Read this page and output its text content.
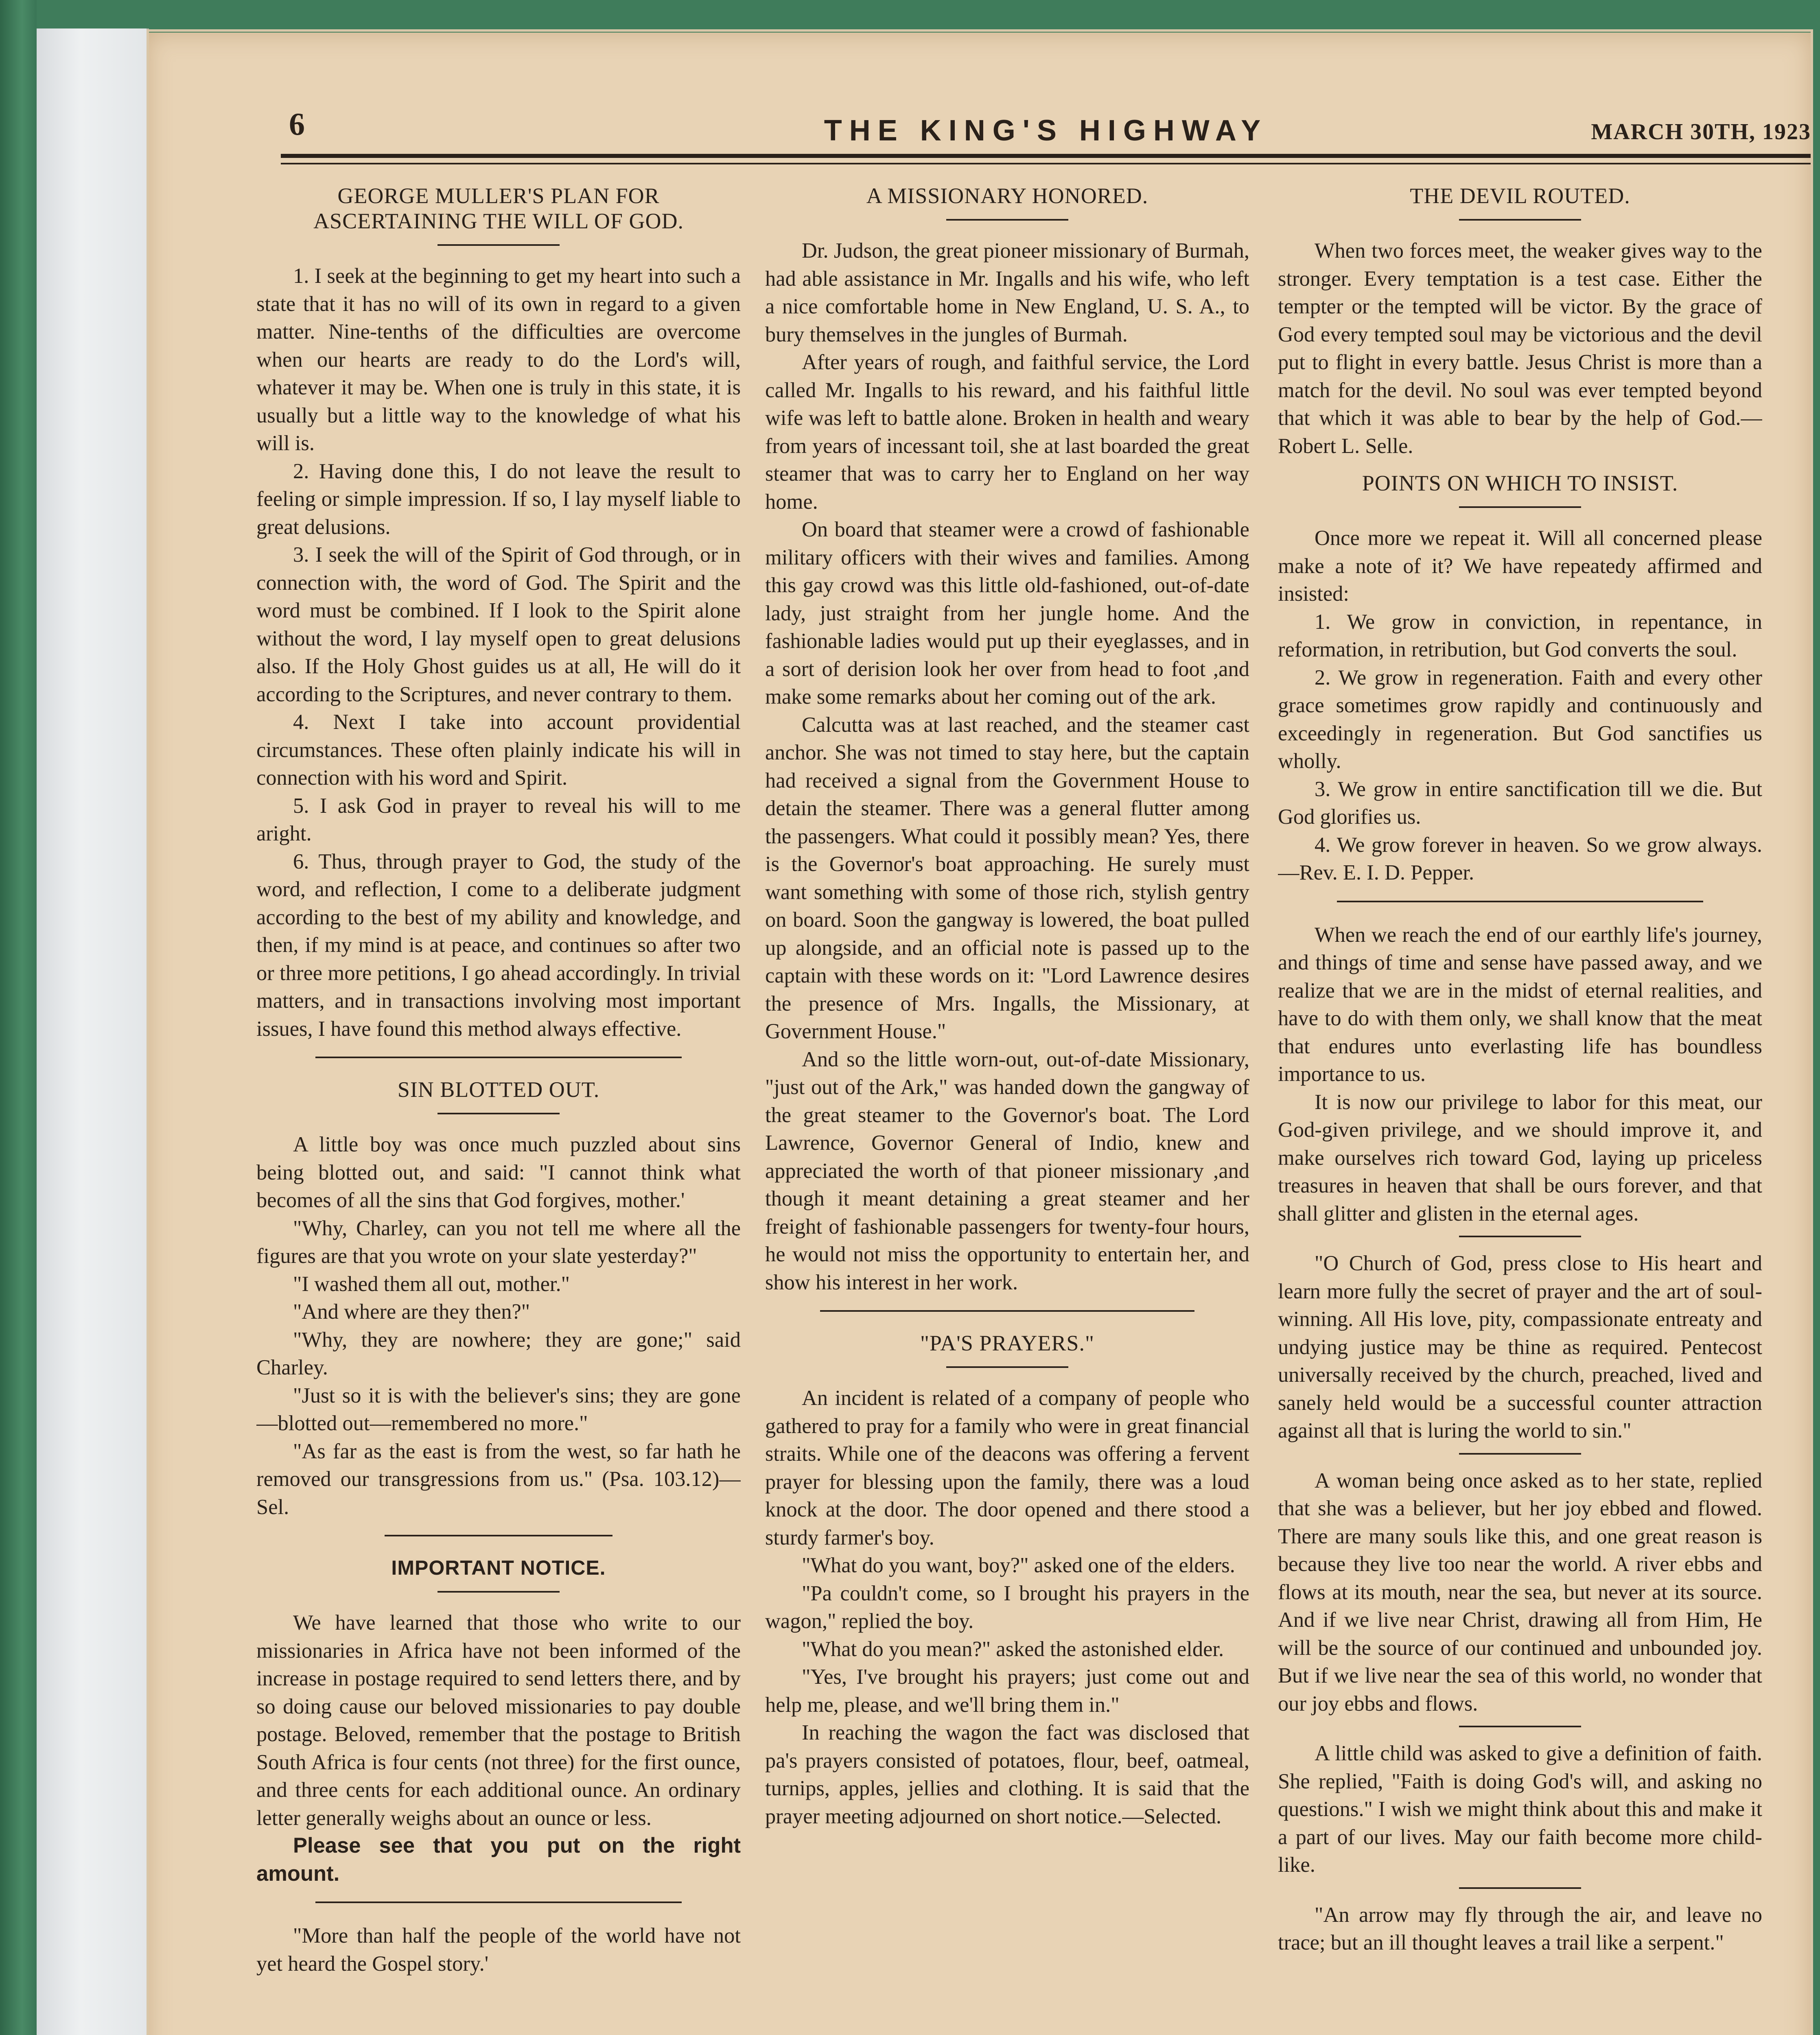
6	THE KING'S HIGHWAY	MARCH 30TH, 1923
GEORGE MULLER'S PLAN FOR ASCERTAINING THE WILL OF GOD.

1. I seek at the beginning to get my heart into such a state that it has no will of its own in regard to a given matter. Nine-tenths of the difficulties are overcome when our hearts are ready to do the Lord's will, whatever it may be. When one is truly in this state, it is usually but a little way to the knowledge of what his will is.

2. Having done this, I do not leave the result to feeling or simple impression. If so, I lay myself liable to great delusions.

3. I seek the will of the Spirit of God through, or in connection with, the word of God. The Spirit and the word must be combined. If I look to the Spirit alone without the word, I lay myself open to great delusions also. If the Holy Ghost guides us at all, He will do it according to the Scriptures, and never contrary to them.

4. Next I take into account providential circumstances. These often plainly indicate his will in connection with his word and Spirit.

5. I ask God in prayer to reveal his will to me aright.

6. Thus, through prayer to God, the study of the word, and reflection, I come to a deliberate judgment according to the best of my ability and knowledge, and then, if my mind is at peace, and continues so after two or three more petitions, I go ahead accordingly. In trivial matters, and in transactions involving most important issues, I have found this method always effective.

SIN BLOTTED OUT.

A little boy was once much puzzled about sins being blotted out, and said: "I cannot think what becomes of all the sins that God forgives, mother.'

"Why, Charley, can you not tell me where all the figures are that you wrote on your slate yesterday?"

"I washed them all out, mother."

"And where are they then?"

"Why, they are nowhere; they are gone;" said Charley.

"Just so it is with the believer's sins; they are gone—blotted out—remembered no more."

"As far as the east is from the west, so far hath he removed our transgressions from us." (Psa. 103.12)—Sel.

IMPORTANT NOTICE.

We have learned that those who write to our missionaries in Africa have not been informed of the increase in postage required to send letters there, and by so doing cause our beloved missionaries to pay double postage. Beloved, remember that the postage to British South Africa is four cents (not three) for the first ounce, and three cents for each additional ounce. An ordinary letter generally weighs about an ounce or less.

Please see that you put on the right amount.

"More than half the people of the world have not yet heard the Gospel story.'

A MISSIONARY HONORED.

Dr. Judson, the great pioneer missionary of Burmah, had able assistance in Mr. Ingalls and his wife, who left a nice comfortable home in New England, U. S. A., to bury themselves in the jungles of Burmah.

After years of rough, and faithful service, the Lord called Mr. Ingalls to his reward, and his faithful little wife was left to battle alone. Broken in health and weary from years of incessant toil, she at last boarded the great steamer that was to carry her to England on her way home.

On board that steamer were a crowd of fashionable military officers with their wives and families. Among this gay crowd was this little old-fashioned, out-of-date lady, just straight from her jungle home. And the fashionable ladies would put up their eyeglasses, and in a sort of derision look her over from head to foot ,and make some remarks about her coming out of the ark.

Calcutta was at last reached, and the steamer cast anchor. She was not timed to stay here, but the captain had received a signal from the Government House to detain the steamer. There was a general flutter among the passengers. What could it possibly mean? Yes, there is the Governor's boat approaching. He surely must want something with some of those rich, stylish gentry on board. Soon the gangway is lowered, the boat pulled up alongside, and an official note is passed up to the captain with these words on it: "Lord Lawrence desires the presence of Mrs. Ingalls, the Missionary, at Government House."

And so the little worn-out, out-of-date Missionary, "just out of the Ark," was handed down the gangway of the great steamer to the Governor's boat. The Lord Lawrence, Governor General of Indio, knew and appreciated the worth of that pioneer missionary ,and though it meant detaining a great steamer and her freight of fashionable passengers for twenty-four hours, he would not miss the opportunity to entertain her, and show his interest in her work.

"PA'S PRAYERS."

An incident is related of a company of people who gathered to pray for a family who were in great financial straits. While one of the deacons was offering a fervent prayer for blessing upon the family, there was a loud knock at the door. The door opened and there stood a sturdy farmer's boy.

"What do you want, boy?" asked one of the elders.

"Pa couldn't come, so I brought his prayers in the wagon," replied the boy.

"What do you mean?" asked the astonished elder.

"Yes, I've brought his prayers; just come out and help me, please, and we'll bring them in."

In reaching the wagon the fact was disclosed that pa's prayers consisted of potatoes, flour, beef, oatmeal, turnips, apples, jellies and clothing. It is said that the prayer meeting adjourned on short notice.—Selected.

THE DEVIL ROUTED.

When two forces meet, the weaker gives way to the stronger. Every temptation is a test case. Either the tempter or the tempted will be victor. By the grace of God every tempted soul may be victorious and the devil put to flight in every battle. Jesus Christ is more than a match for the devil. No soul was ever tempted beyond that which it was able to bear by the help of God.—Robert L. Selle.

POINTS ON WHICH TO INSIST.

Once more we repeat it. Will all concerned please make a note of it? We have repeatedy affirmed and insisted:

1. We grow in conviction, in repentance, in reformation, in retribution, but God converts the soul.

2. We grow in regeneration. Faith and every other grace sometimes grow rapidly and continuously and exceedingly in regeneration. But God sanctifies us wholly.

3. We grow in entire sanctification till we die. But God glorifies us.

4. We grow forever in heaven. So we grow always.—Rev. E. I. D. Pepper.

When we reach the end of our earthly life's journey, and things of time and sense have passed away, and we realize that we are in the midst of eternal realities, and have to do with them only, we shall know that the meat that endures unto everlasting life has boundless importance to us.

It is now our privilege to labor for this meat, our God-given privilege, and we should improve it, and make ourselves rich toward God, laying up priceless treasures in heaven that shall be ours forever, and that shall glitter and glisten in the eternal ages.

"O Church of God, press close to His heart and learn more fully the secret of prayer and the art of soul-winning. All His love, pity, compassionate entreaty and undying justice may be thine as required. Pentecost universally received by the church, preached, lived and sanely held would be a successful counter attraction against all that is luring the world to sin."

A woman being once asked as to her state, replied that she was a believer, but her joy ebbed and flowed. There are many souls like this, and one great reason is because they live too near the world. A river ebbs and flows at its mouth, near the sea, but never at its source. And if we live near Christ, drawing all from Him, He will be the source of our continued and unbounded joy. But if we live near the sea of this world, no wonder that our joy ebbs and flows.

A little child was asked to give a definition of faith. She replied, "Faith is doing God's will, and asking no questions." I wish we might think about this and make it a part of our lives. May our faith become more child-like.

"An arrow may fly through the air, and leave no trace; but an ill thought leaves a trail like a serpent."
